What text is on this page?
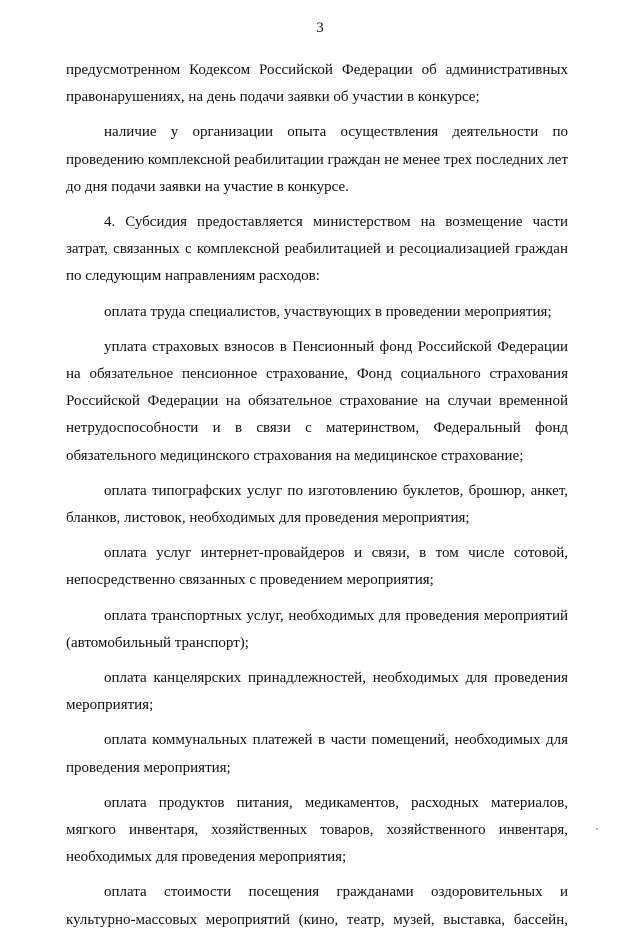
3

предусмотренном Кодексом Российской Федерации об административных правонарушениях, на день подачи заявки об участии в конкурсе;

наличие у организации опыта осуществления деятельности по проведению комплексной реабилитации граждан не менее трех последних лет до дня подачи заявки на участие в конкурсе.

4. Субсидия предоставляется министерством на возмещение части затрат, связанных с комплексной реабилитацией и ресоциализацией граждан по следующим направлениям расходов:

оплата труда специалистов, участвующих в проведении мероприятия;

уплата страховых взносов в Пенсионный фонд Российской Федерации на обязательное пенсионное страхование, Фонд социального страхования Российской Федерации на обязательное страхование на случаи временной нетрудоспособности и в связи с материнством, Федеральный фонд обязательного медицинского страхования на медицинское страхование;

оплата типографских услуг по изготовлению буклетов, брошюр, анкет, бланков, листовок, необходимых для проведения мероприятия;

оплата услуг интернет-провайдеров и связи, в том числе сотовой, непосредственно связанных с проведением мероприятия;

оплата транспортных услуг, необходимых для проведения мероприятий (автомобильный транспорт);

оплата канцелярских принадлежностей, необходимых для проведения мероприятия;

оплата коммунальных платежей в части помещений, необходимых для проведения мероприятия;

оплата продуктов питания, медикаментов, расходных материалов, мягкого инвентаря, хозяйственных товаров, хозяйственного инвентаря, необходимых для проведения мероприятия;

оплата стоимости посещения гражданами оздоровительных и культурно-массовых мероприятий (кино, театр, музей, выставка, бассейн,
